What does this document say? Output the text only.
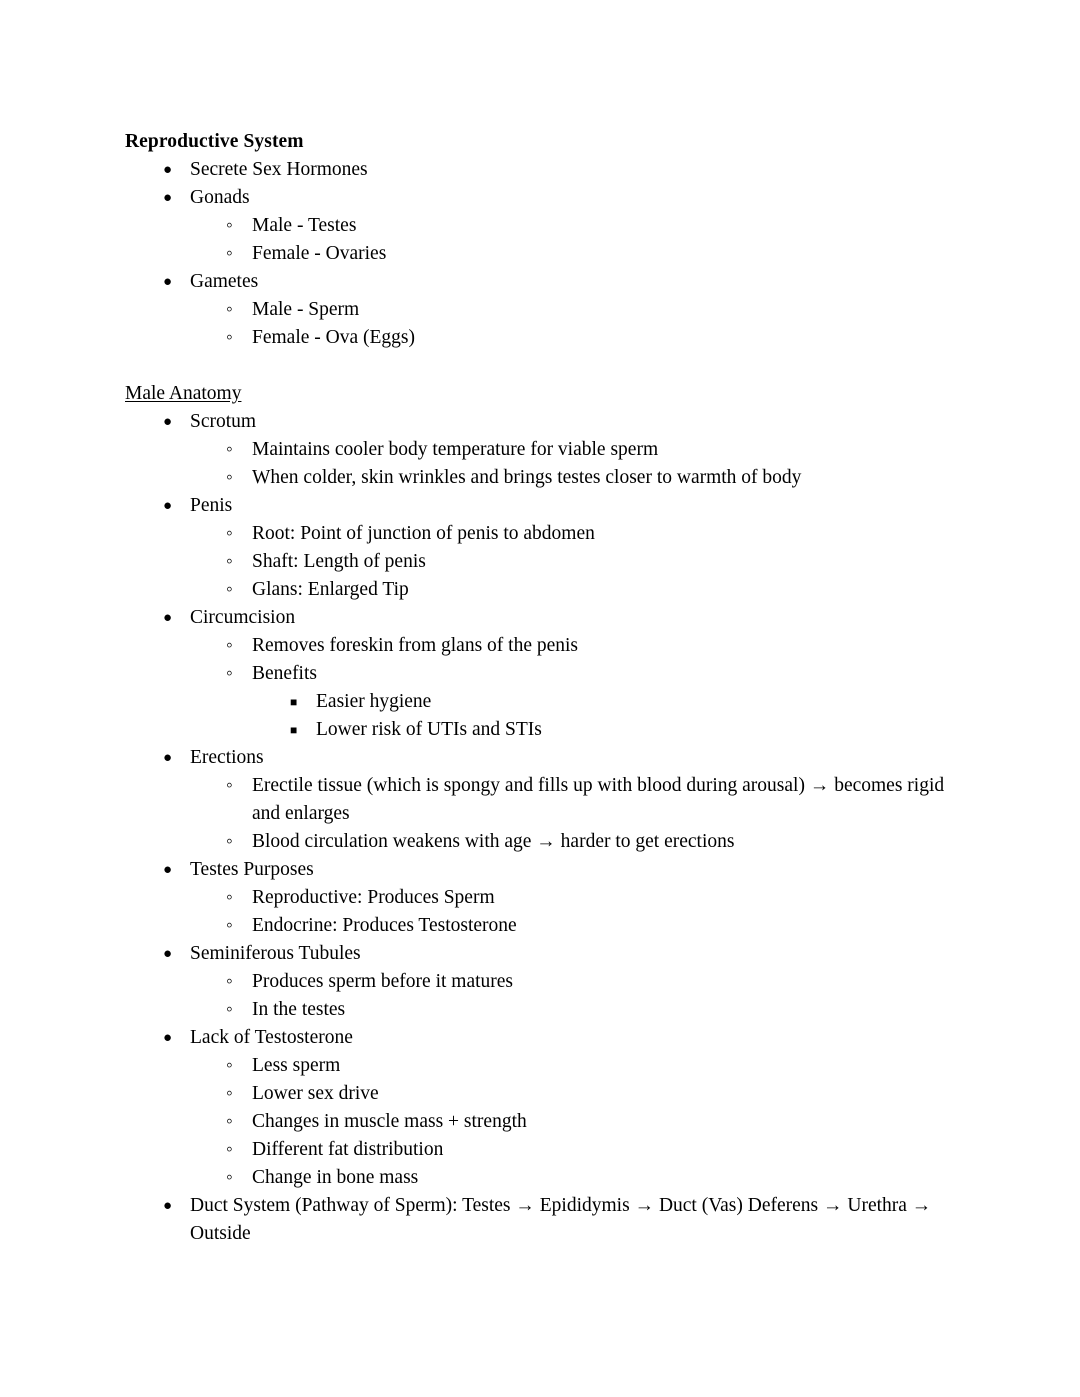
Reproductive System
●
Secrete Sex Hormones
●
Gonads
◦
Male - Testes
◦
Female - Ovaries
●
Gametes
◦
Male - Sperm
◦
Female - Ova (Eggs)
Male Anatomy
●
Scrotum
◦
Maintains cooler body temperature for viable sperm
◦
When colder, skin wrinkles and brings testes closer to warmth of body
●
Penis
◦
Root: Point of junction of penis to abdomen
◦
Shaft: Length of penis
◦
Glans: Enlarged Tip
●
Circumcision
◦
Removes foreskin from glans of the penis
◦
Benefits
■
Easier hygiene
■
Lower risk of UTIs and STIs
●
Erections
◦
Erectile tissue (which is spongy and fills up with blood during arousal) → becomes rigid and enlarges
◦
Blood circulation weakens with age → harder to get erections
●
Testes Purposes
◦
Reproductive: Produces Sperm
◦
Endocrine: Produces Testosterone
●
Seminiferous Tubules
◦
Produces sperm before it matures
◦
In the testes
●
Lack of Testosterone
◦
Less sperm
◦
Lower sex drive
◦
Changes in muscle mass + strength
◦
Different fat distribution
◦
Change in bone mass
●
Duct System (Pathway of Sperm): Testes → Epididymis → Duct (Vas) Deferens → Urethra → Outside
